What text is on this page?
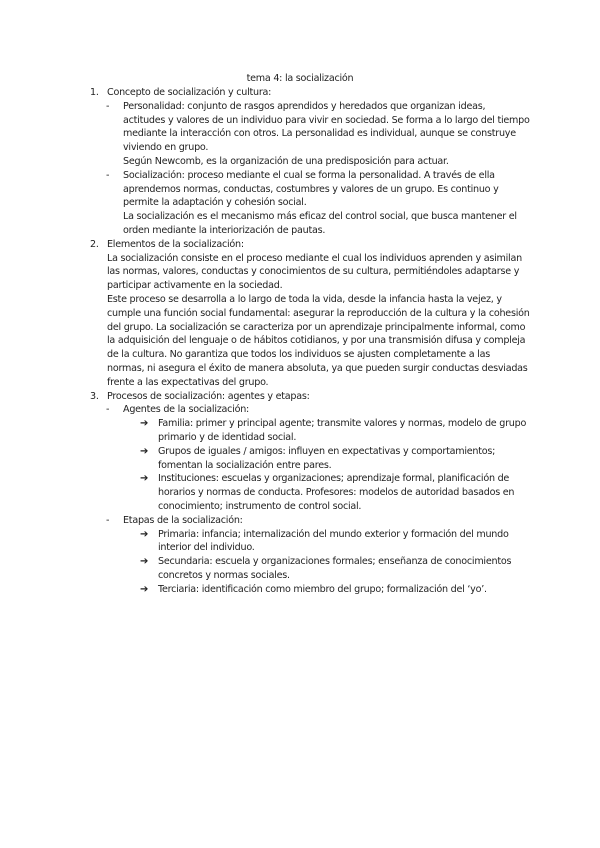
tema 4: la socialización
1. Concepto de socialización y cultura:

- Personalidad: conjunto de rasgos aprendidos y heredados que organizan ideas, actitudes y valores de un individuo para vivir en sociedad. Se forma a lo largo del tiempo mediante la interacción con otros. La personalidad es individual, aunque se construye viviendo en grupo.

Según Newcomb, es la organización de una predisposición para actuar.

- Socialización: proceso mediante el cual se forma la personalidad. A través de ella aprendemos normas, conductas, costumbres y valores de un grupo. Es continuo y permite la adaptación y cohesión social.

La socialización es el mecanismo más eficaz del control social, que busca mantener el orden mediante la interiorización de pautas.

2. Elementos de la socialización:

La socialización consiste en el proceso mediante el cual los individuos aprenden y asimilan las normas, valores, conductas y conocimientos de su cultura, permitiéndoles adaptarse y participar activamente en la sociedad.

Este proceso se desarrolla a lo largo de toda la vida, desde la infancia hasta la vejez, y cumple una función social fundamental: asegurar la reproducción de la cultura y la cohesión del grupo. La socialización se caracteriza por un aprendizaje principalmente informal, como la adquisición del lenguaje o de hábitos cotidianos, y por una transmisión difusa y compleja de la cultura. No garantiza que todos los individuos se ajusten completamente a las normas, ni asegura el éxito de manera absoluta, ya que pueden surgir conductas desviadas frente a las expectativas del grupo.

3. Procesos de socialización: agentes y etapas:

- Agentes de la socialización:

➔ Familia: primer y principal agente; transmite valores y normas, modelo de grupo primario y de identidad social.

➔ Grupos de iguales / amigos: influyen en expectativas y comportamientos; fomentan la socialización entre pares.

➔ Instituciones: escuelas y organizaciones; aprendizaje formal, planificación de horarios y normas de conducta. Profesores: modelos de autoridad basados en conocimiento; instrumento de control social.

- Etapas de la socialización:

➔ Primaria: infancia; internalización del mundo exterior y formación del mundo interior del individuo.

➔ Secundaria: escuela y organizaciones formales; enseñanza de conocimientos concretos y normas sociales.

➔ Terciaria: identificación como miembro del grupo; formalización del ‘yo’.
